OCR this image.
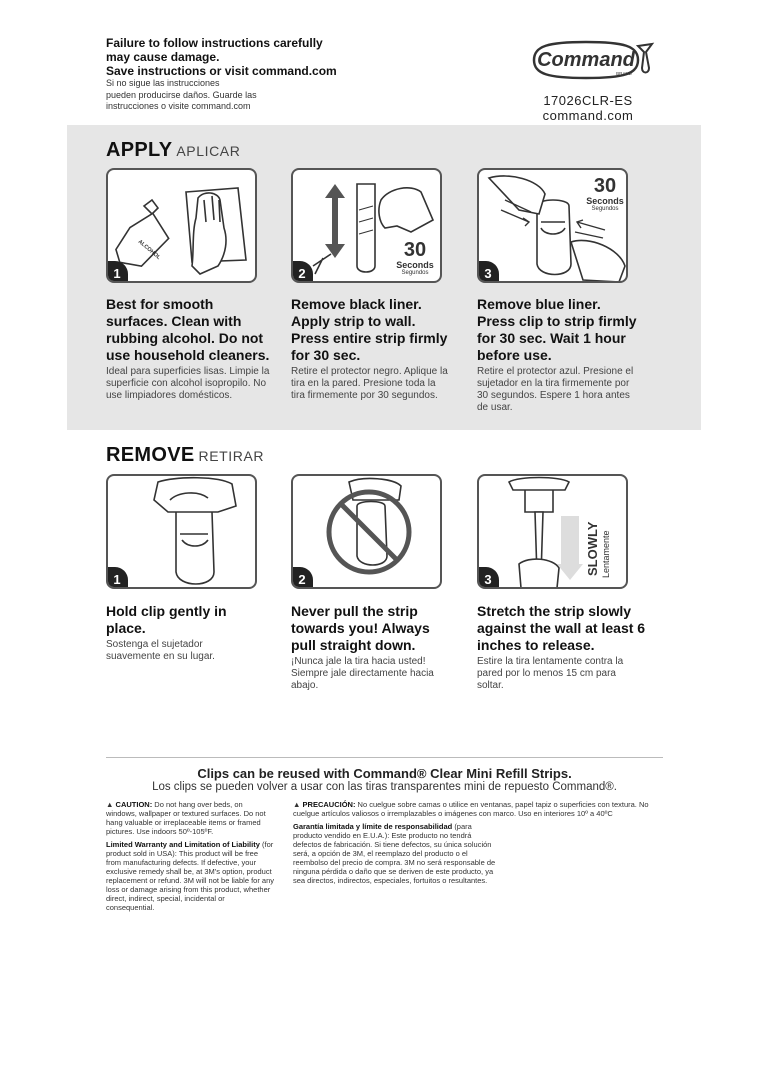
Failure to follow instructions carefully
may cause damage.
Save instructions or visit command.com
Si no sigue las instrucciones
pueden producirse daños. Guarde las
instrucciones o visite command.com
Command
BRAND
17026CLR-ES
command.com
APPLY APLICAR
ALCOHOL
1
30
Seconds
Segundos
2
30
Seconds
Segundos
3
Best for smooth surfaces. Clean with rubbing alcohol. Do not use household cleaners.
Ideal para superficies lisas. Limpie la superficie con alcohol isopropilo. No use limpiadores domésticos.
Remove black liner. Apply strip to wall. Press entire strip firmly for 30 sec.
Retire el protector negro. Aplique la tira en la pared. Presione toda la tira firmemente por 30 segundos.
Remove blue liner. Press clip to strip firmly for 30 sec. Wait 1 hour before use.
Retire el protector azul. Presione el sujetador en la tira firmemente por 30 segundos. Espere 1 hora antes de usar.
REMOVE RETIRAR
1	2
SLOWLY Lentamente
3
Hold clip gently in place.
Sostenga el sujetador suavemente en su lugar.
Never pull the strip towards you! Always pull straight down.
¡Nunca jale la tira hacia usted! Siempre jale directamente hacia abajo.
Stretch the strip slowly against the wall at least 6 inches to release.
Estire la tira lentamente contra la pared por lo menos 15 cm para soltar.
Clips can be reused with Command® Clear Mini Refill Strips.
Los clips se pueden volver a usar con las tiras transparentes mini de repuesto Command®.
▲ CAUTION: Do not hang over beds, on windows, wallpaper or textured surfaces. Do not hang valuable or irreplaceable items or framed pictures. Use indoors 50º-105ºF.
Limited Warranty and Limitation of Liability (for product sold in USA): This product will be free from manufacturing defects. If defective, your exclusive remedy shall be, at 3M's option, product replacement or refund. 3M will not be liable for any loss or damage arising from this product, whether direct, indirect, special, incidental or consequential.
▲ PRECAUCIÓN: No cuelgue sobre camas o utilice en ventanas, papel tapiz o superficies con textura. No cuelgue artículos valiosos o irremplazables o imágenes con marco. Uso en interiores 10º a 40ºC
Garantía limitada y límite de responsabilidad (para producto vendido en E.U.A.): Este producto no tendrá defectos de fabricación. Si tiene defectos, su única solución será, a opción de 3M, el reemplazo del producto o el reembolso del precio de compra. 3M no será responsable de ninguna pérdida o daño que se deriven de este producto, ya sea directos, indirectos, especiales, fortuitos o resultantes.
